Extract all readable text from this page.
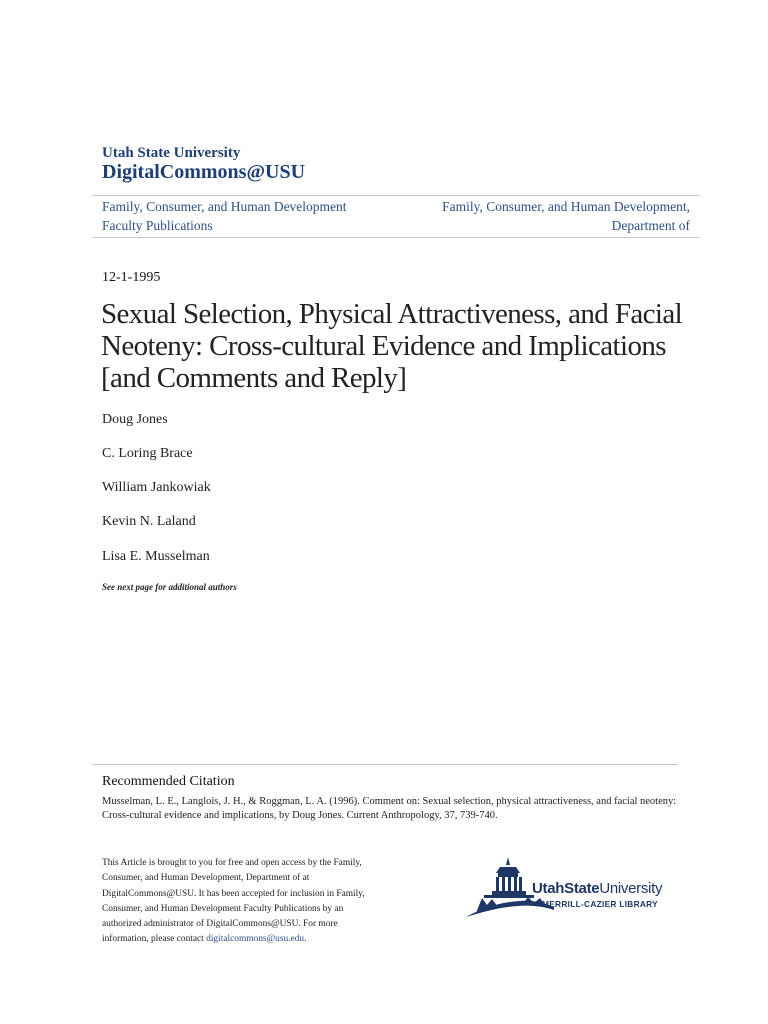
Utah State University
DigitalCommons@USU
Family, Consumer, and Human Development
Faculty Publications
Family, Consumer, and Human Development,
Department of
12-1-1995
Sexual Selection, Physical Attractiveness, and Facial
Neoteny: Cross-cultural Evidence and Implications
[and Comments and Reply]
Doug Jones
C. Loring Brace
William Jankowiak
Kevin N. Laland
Lisa E. Musselman
See next page for additional authors
Recommended Citation
Musselman, L. E., Langlois, J. H., & Roggman, L. A. (1996). Comment on: Sexual selection, physical attractiveness, and facial neoteny: Cross-cultural evidence and implications, by Doug Jones. Current Anthropology, 37, 739-740.
This Article is brought to you for free and open access by the Family,
Consumer, and Human Development, Department of at
DigitalCommons@USU. It has been accepted for inclusion in Family,
Consumer, and Human Development Faculty Publications by an
authorized administrator of DigitalCommons@USU. For more
information, please contact digitalcommons@usu.edu.
UtahStateUniversity
MERRILL-CAZIER LIBRARY
